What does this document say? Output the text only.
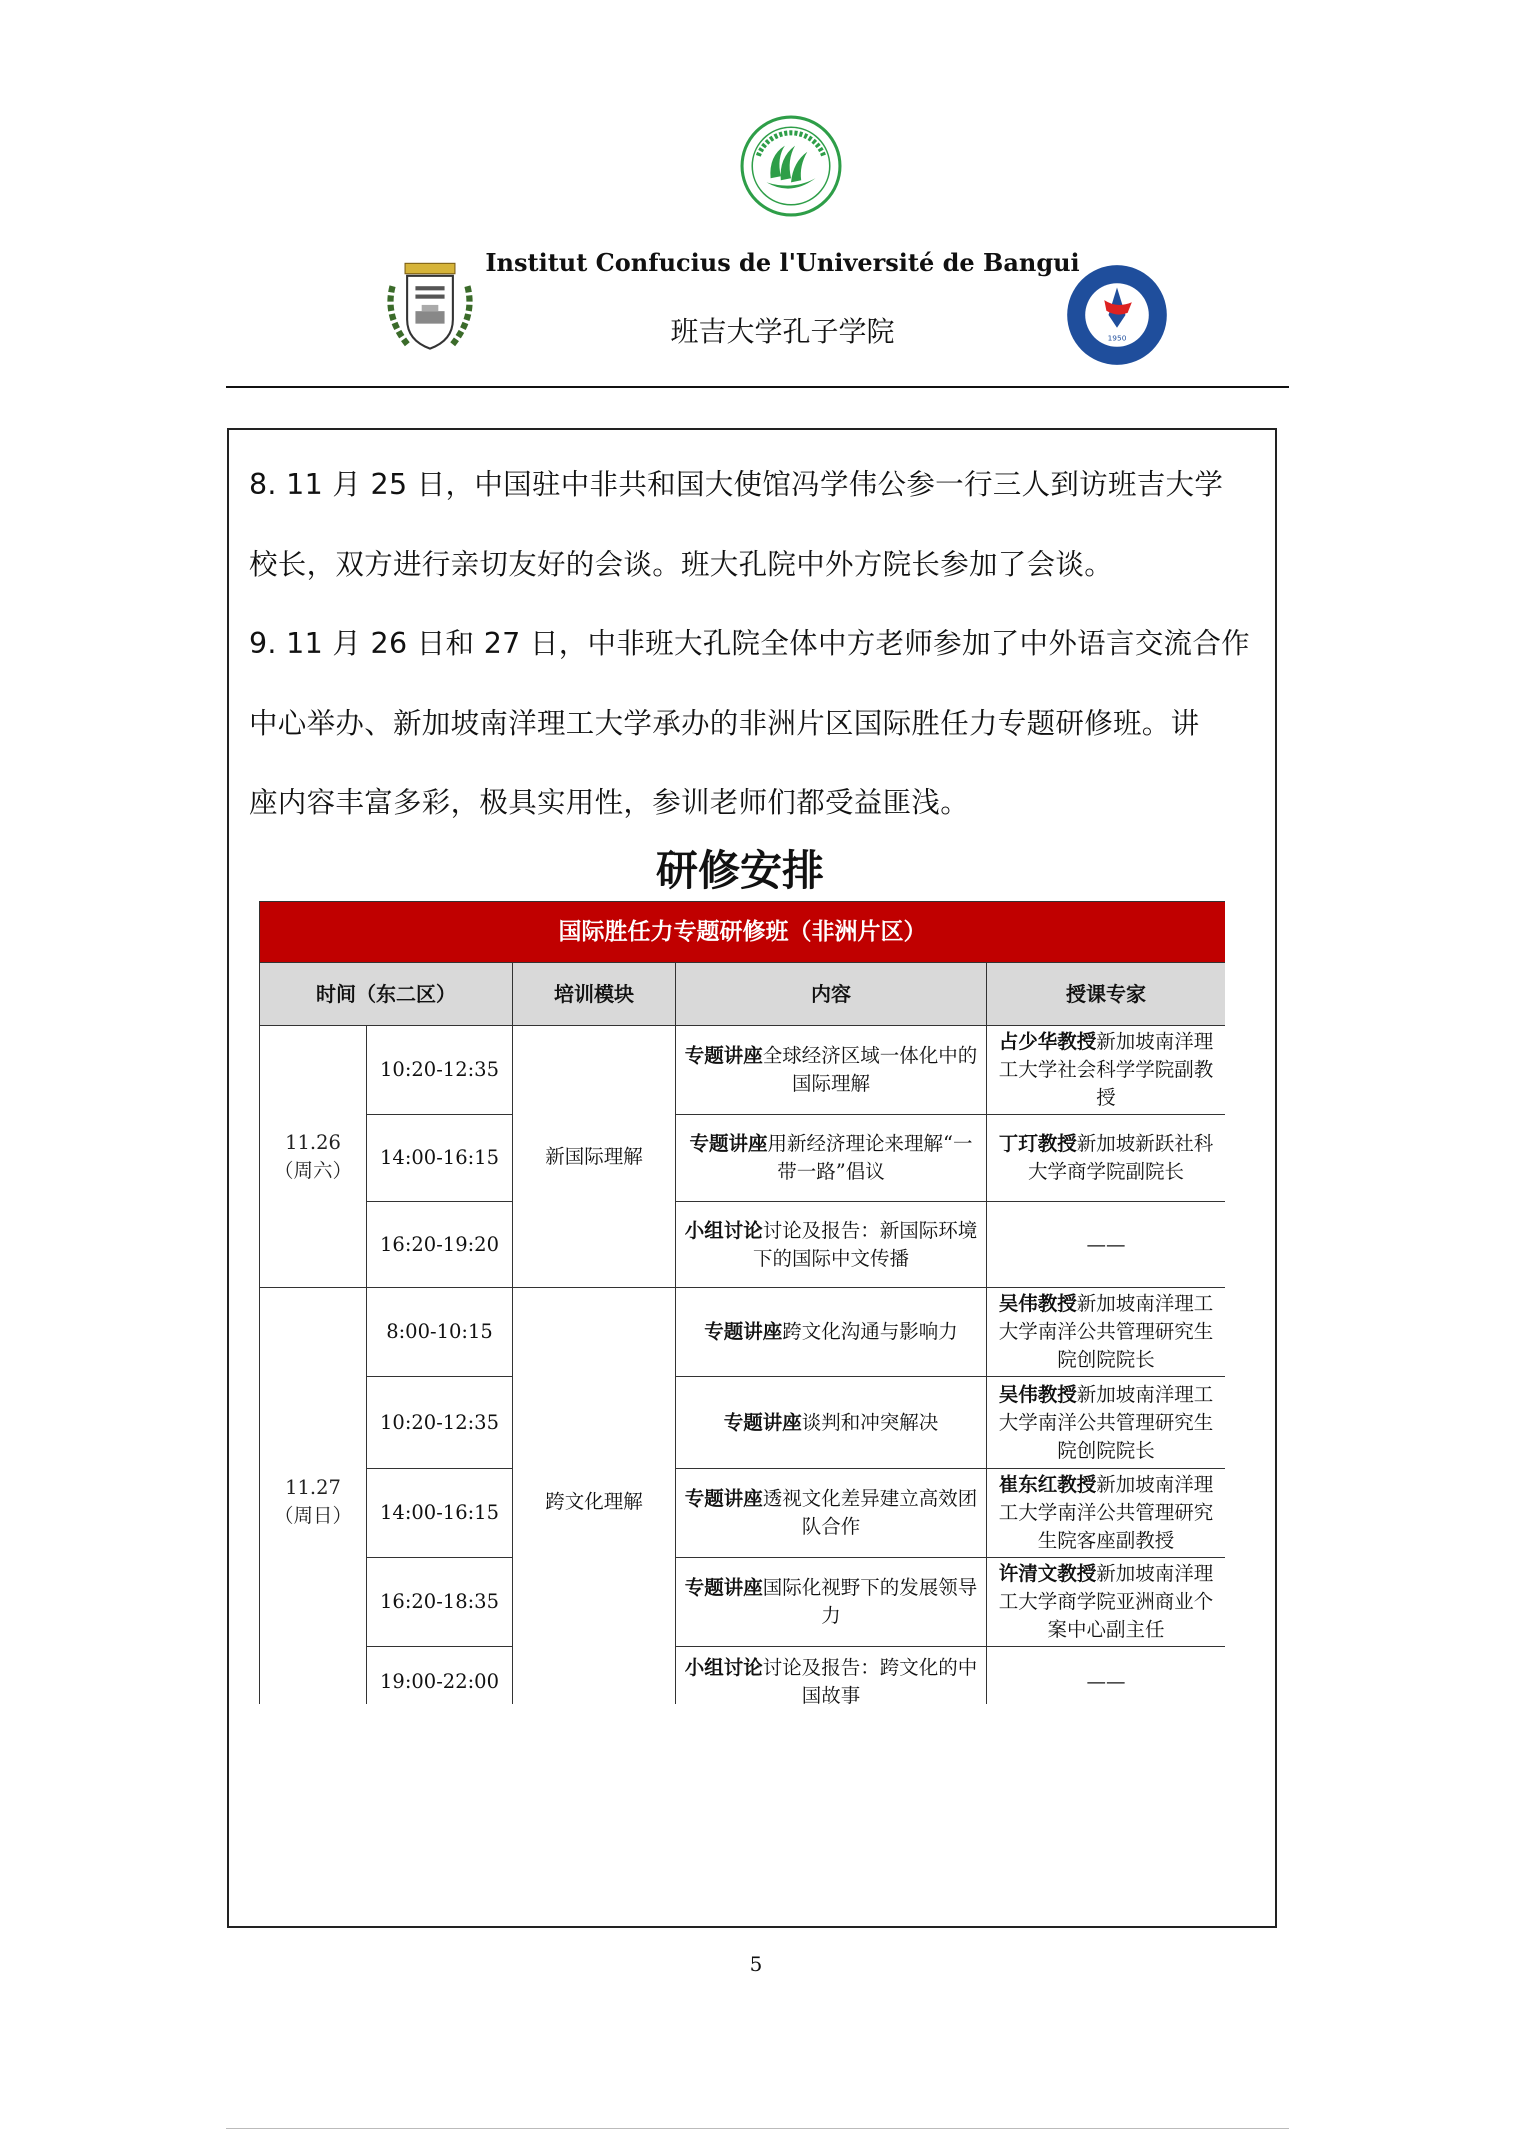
1950
Institut Confucius de l'Université de Bangui
班吉大学孔子学院
8. 11 月 25 日，中国驻中非共和国大使馆冯学伟公参一行三人到访班吉大学
校长，双方进行亲切友好的会谈。班大孔院中外方院长参加了会谈。
9. 11 月 26 日和 27 日，中非班大孔院全体中方老师参加了中外语言交流合作
中心举办、新加坡南洋理工大学承办的非洲片区国际胜任力专题研修班。讲
座内容丰富多彩，极具实用性，参训老师们都受益匪浅。
研修安排
国际胜任力专题研修班（非洲片区）				
时间（东二区）		培训模块	内容	授课专家

11.26
（周六）	10:20-12:35	新国际理解	专题讲座全球经济区域一体化中的国际理解	占少华教授新加坡南洋理工大学社会科学学院副教授
	14:00-16:15		专题讲座用新经济理论来理解“一带一路”倡议	丁玎教授新加坡新跃社科大学商学院副院长
	16:20-19:20		小组讨论讨论及报告：新国际环境下的国际中文传播	——

11.27
（周日）	8:00-10:15	跨文化理解	专题讲座跨文化沟通与影响力	吴伟教授新加坡南洋理工大学南洋公共管理研究生院创院院长
	10:20-12:35		专题讲座谈判和冲突解决	吴伟教授新加坡南洋理工大学南洋公共管理研究生院创院院长
	14:00-16:15		专题讲座透视文化差异建立高效团队合作	崔东红教授新加坡南洋理工大学南洋公共管理研究生院客座副教授
	16:20-18:35		专题讲座国际化视野下的发展领导力	许清文教授新加坡南洋理工大学商学院亚洲商业个案中心副主任
	19:00-22:00		小组讨论讨论及报告：跨文化的中国故事	——
5
